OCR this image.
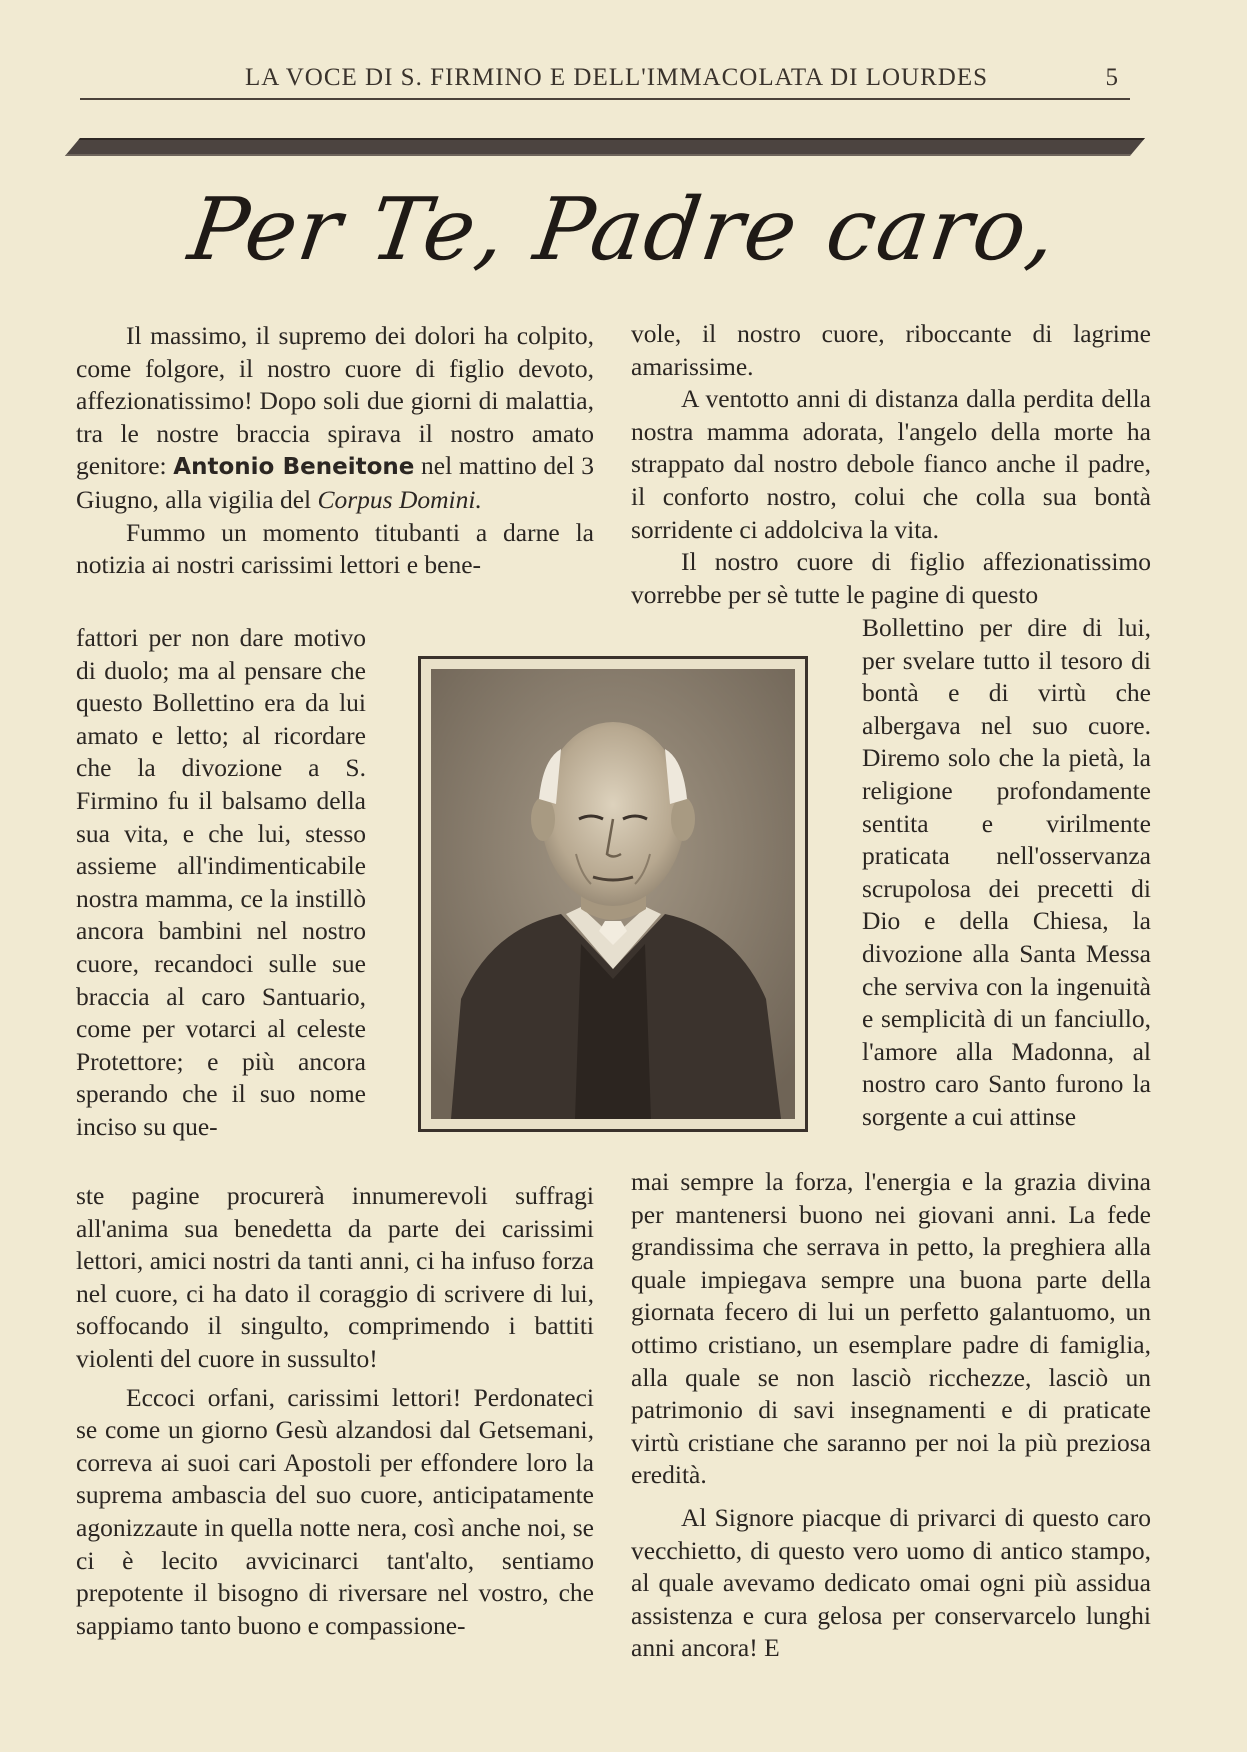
LA VOCE DI S. FIRMINO E DELL'IMMACOLATA DI LOURDES	5
Per Te, Padre caro,

Il massimo, il supremo dei dolori ha colpito, come folgore, il nostro cuore di figlio devoto, affezionatissimo! Dopo soli due giorni di malattia, tra le nostre braccia spirava il nostro amato genitore: Antonio Beneitone nel mattino del 3 Giugno, alla vigilia del Corpus Domini.

Fummo un momento titubanti a darne la notizia ai nostri carissimi lettori e bene-

fattori per non dare motivo di duolo; ma al pensare che questo Bollettino era da lui amato e letto; al ricordare che la divozione a S. Firmino fu il balsamo della sua vita, e che lui, stesso assieme all'indimenticabile nostra mamma, ce la instillò ancora bambini nel nostro cuore, recandoci sulle sue braccia al caro Santuario, come per votarci al celeste Protettore; e più ancora sperando che il suo nome inciso su que-

ste pagine procurerà innumerevoli suffragi all'anima sua benedetta da parte dei carissimi lettori, amici nostri da tanti anni, ci ha infuso forza nel cuore, ci ha dato il coraggio di scrivere di lui, soffocando il singulto, comprimendo i battiti violenti del cuore in sussulto!

Eccoci orfani, carissimi lettori! Perdonateci se come un giorno Gesù alzandosi dal Getsemani, correva ai suoi cari Apostoli per effondere loro la suprema ambascia del suo cuore, anticipatamente agonizzaute in quella notte nera, così anche noi, se ci è lecito avvicinarci tant'alto, sentiamo prepotente il bisogno di riversare nel vostro, che sappiamo tanto buono e compassione-

vole, il nostro cuore, riboccante di lagrime amarissime.

A ventotto anni di distanza dalla perdita della nostra mamma adorata, l'angelo della morte ha strappato dal nostro debole fianco anche il padre, il conforto nostro, colui che colla sua bontà sorridente ci addolciva la vita.

Il nostro cuore di figlio affezionatissimo vorrebbe per sè tutte le pagine di questo

Bollettino per dire di lui, per svelare tutto il tesoro di bontà e di virtù che albergava nel suo cuore. Diremo solo che la pietà, la religione profondamente sentita e virilmente praticata nell'osservanza scrupolosa dei precetti di Dio e della Chiesa, la divozione alla Santa Messa che serviva con la ingenuità e semplicità di un fanciullo, l'amore alla Madonna, al nostro caro Santo furono la sorgente a cui attinse

mai sempre la forza, l'energia e la grazia divina per mantenersi buono nei giovani anni. La fede grandissima che serrava in petto, la preghiera alla quale impiegava sempre una buona parte della giornata fecero di lui un perfetto galantuomo, un ottimo cristiano, un esemplare padre di famiglia, alla quale se non lasciò ricchezze, lasciò un patrimonio di savi insegnamenti e di praticate virtù cristiane che saranno per noi la più preziosa eredità.

Al Signore piacque di privarci di questo caro vecchietto, di questo vero uomo di antico stampo, al quale avevamo dedicato omai ogni più assidua assistenza e cura gelosa per conservarcelo lunghi anni ancora! E
